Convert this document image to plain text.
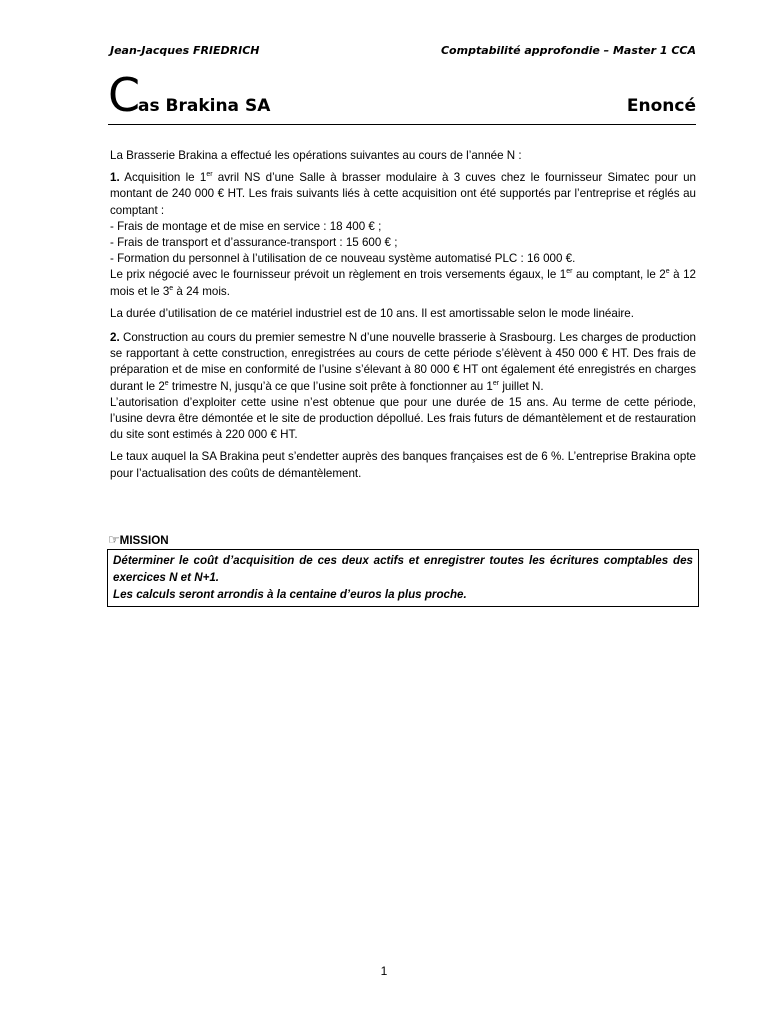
Jean-Jacques FRIEDRICH	Comptabilité approfondie – Master 1 CCA
C
as Brakina SA	Enoncé

La Brasserie Brakina a effectué les opérations suivantes au cours de l’année N :

1. Acquisition le 1er avril NS d’une Salle à brasser modulaire à 3 cuves chez le fournisseur Simatec pour un montant de 240 000 € HT. Les frais suivants liés à cette acquisition ont été supportés par l’entreprise et réglés au comptant :

- Frais de montage et de mise en service : 18 400 € ;
- Frais de transport et d’assurance-transport : 15 600 € ;
- Formation du personnel à l’utilisation de ce nouveau système automatisé PLC : 16 000 €.

Le prix négocié avec le fournisseur prévoit un règlement en trois versements égaux, le 1er au comptant, le 2e à 12 mois et le 3e à 24 mois.

La durée d’utilisation de ce matériel industriel est de 10 ans. Il est amortissable selon le mode linéaire.

2. Construction au cours du premier semestre N d’une nouvelle brasserie à Srasbourg. Les charges de production se rapportant à cette construction, enregistrées au cours de cette période s’élèvent à 450 000 € HT. Des frais de préparation et de mise en conformité de l’usine s’élevant à 80 000 € HT ont également été enregistrés en charges durant le 2e trimestre N, jusqu’à ce que l’usine soit prête à fonctionner au 1er juillet N.

L’autorisation d’exploiter cette usine n’est obtenue que pour une durée de 15 ans. Au terme de cette période, l’usine devra être démontée et le site de production dépollué. Les frais futurs de démantèlement et de restauration du site sont estimés à 220 000 € HT.

Le taux auquel la SA Brakina peut s’endetter auprès des banques françaises est de 6 %. L’entreprise Brakina opte pour l’actualisation des coûts de démantèlement.

☞MISSION
Déterminer le coût d’acquisition de ces deux actifs et enregistrer toutes les écritures comptables des exercices N et N+1.
Les calculs seront arrondis à la centaine d’euros la plus proche.
1
